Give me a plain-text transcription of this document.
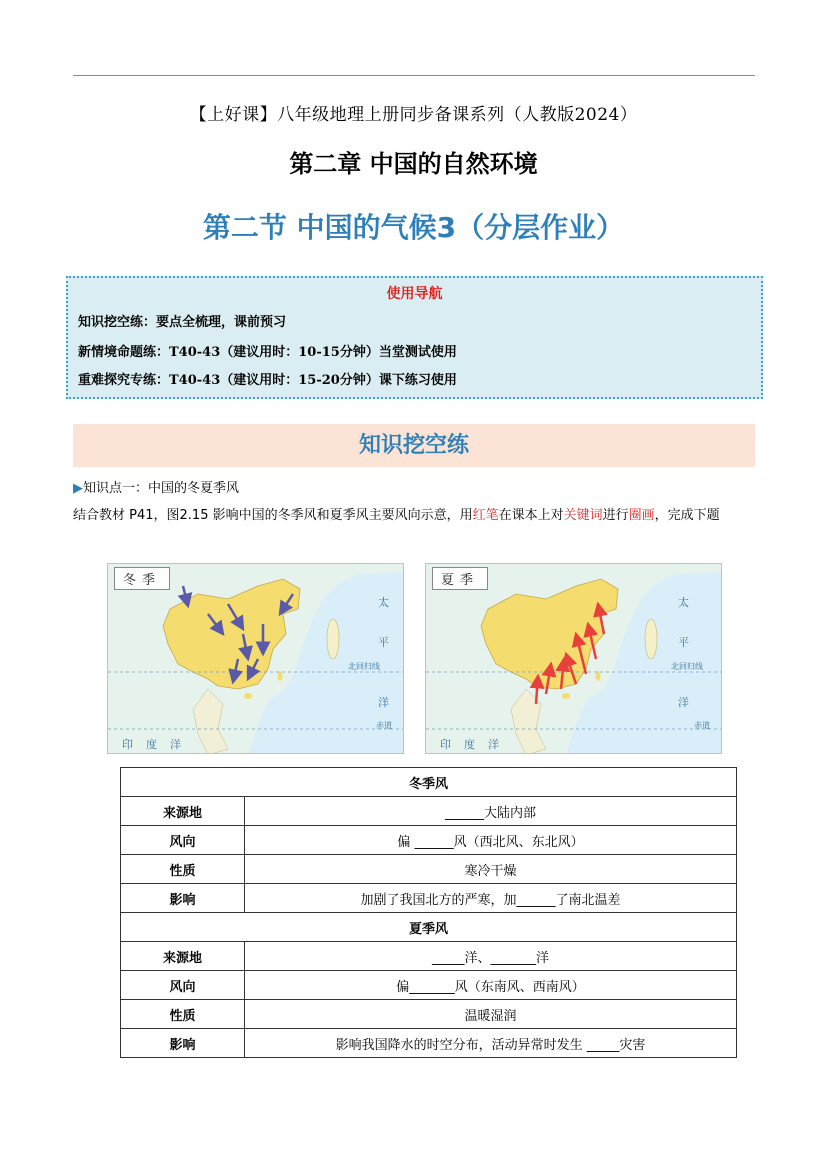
【上好课】八年级地理上册同步备课系列（人教版2024）
第二章 中国的自然环境
第二节 中国的气候3（分层作业）
使用导航
知识挖空练：要点全梳理，课前预习
新情境命题练：T40-43（建议用时：10-15分钟）当堂测试使用
重难探究专练：T40-43（建议用时：15-20分钟）课下练习使用
知识挖空练
▶知识点一：中国的冬夏季风
结合教材 P41，图2.15 影响中国的冬季风和夏季风主要风向示意，用红笔在课本上对关键词进行圈画，完成下题
冬季
太
平
洋
北回归线
赤道
印 度 洋
夏季
太
平
洋
北回归线
赤道
印 度 洋
冬季风	
来源地	______大陆内部
风向	偏 ______风（西北风、东北风）
性质	寒冷干燥
影响	加剧了我国北方的严寒，加______了南北温差
夏季风	
来源地	_____洋、_______洋
风向	偏_______风（东南风、西南风）
性质	温暖湿润
影响	影响我国降水的时空分布，活动异常时发生 _____灾害
